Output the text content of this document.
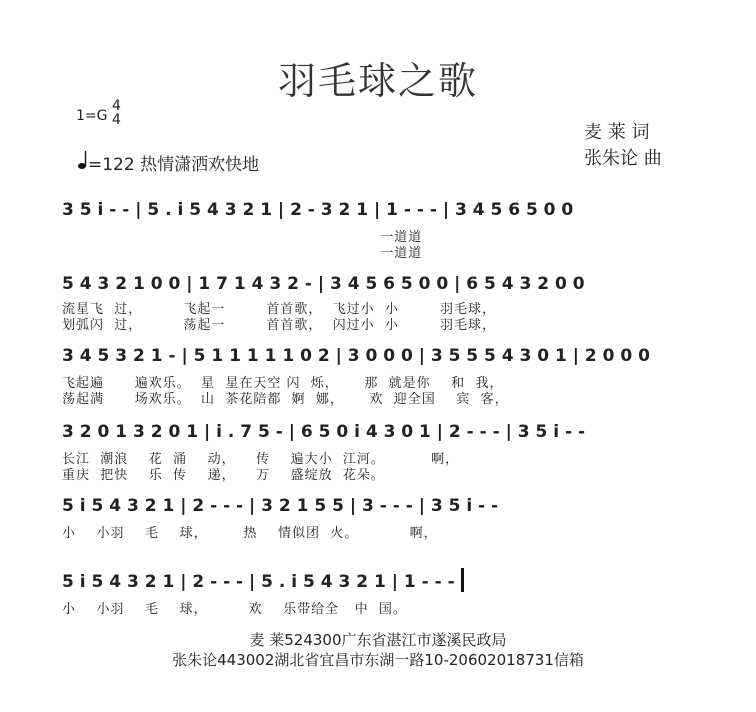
羽毛球之歌
1=G
4
4
=122 热情潇洒欢快地
麦 莱 词
张朱论 曲
3 5 i - -
| 5 . i 5 4 3 2 1 | 2 - 3 2 1 | 1 - - - | 3 4 5 6 5 0 0
一道道
一道道
5 4 3 2 1 0 0
| 1 7 1 4 3 2 - | 3 4 5 6 5 0 0 | 6 5 4 3 2 0 0
流星飞  过，        飞起一        首首歌，  飞过小  小        羽毛球，
划弧闪  过，        荡起一        首首歌，  闪过小  小        羽毛球，
3 4 5 3 2 1 -
| 5 1 1 1 1 1 0 2 | 3 0 0 0 | 3 5 5 5 4 3 0 1 | 2 0 0 0
飞起遍      遍欢乐。  星  星在天空 闪  烁，     那  就是你    和  我，
荡起满      场欢乐。  山  茶花陪都  婀  娜，     欢  迎全国    宾  客，
3 2 0 1 3 2 0 1
| i . 7 5 - | 6 5 0 i 4 3 0 1 | 2 - - - | 3 5 i - -
长江  潮浪    花  涌    动，    传    遍大小  江河。         啊，
重庆  把快    乐  传    递，    万    盛绽放  花朵。
5 i 5 4 3 2 1
| 2 - - - | 3 2 1 5 5 | 3 - - - | 3 5 i - -
小    小羽    毛    球，       热    情似团  火。          啊，
5 i 5 4 3 2 1
| 2 - - - | 5 . i 5 4 3 2 1 | 1 - - -
小    小羽    毛    球，        欢    乐带给全   中  国。
麦 莱524300广东省湛江市遂溪民政局
张朱论443002湖北省宜昌市东湖一路10-20602018731信箱
